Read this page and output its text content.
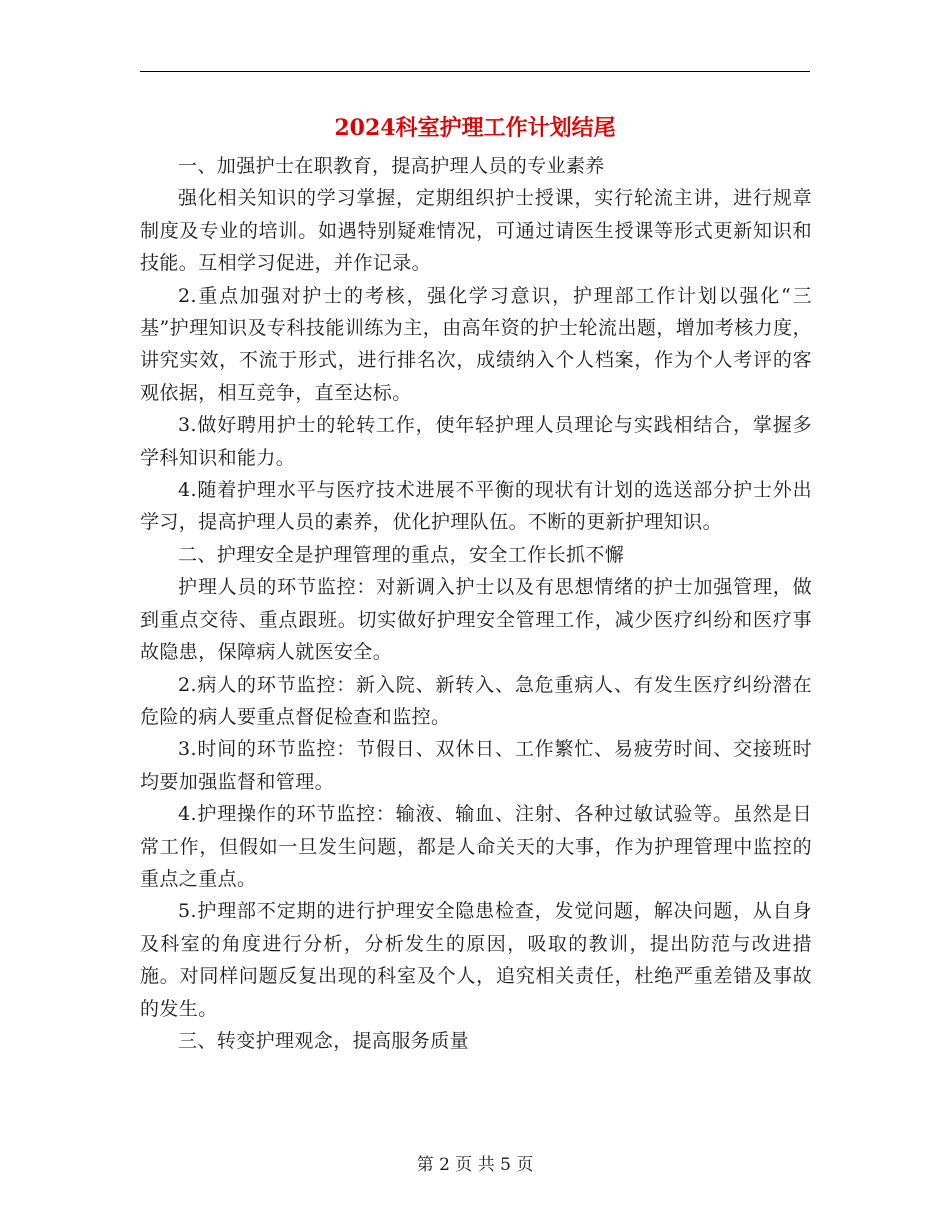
2024科室护理工作计划结尾

一、加强护士在职教育，提高护理人员的专业素养

强化相关知识的学习掌握，定期组织护士授课，实行轮流主讲，进行规章制度及专业的培训。如遇特别疑难情况，可通过请医生授课等形式更新知识和技能。互相学习促进，并作记录。

2.重点加强对护士的考核，强化学习意识，护理部工作计划以强化“三基”护理知识及专科技能训练为主，由高年资的护士轮流出题，增加考核力度，讲究实效，不流于形式，进行排名次，成绩纳入个人档案，作为个人考评的客观依据，相互竞争，直至达标。

3.做好聘用护士的轮转工作，使年轻护理人员理论与实践相结合，掌握多学科知识和能力。

4.随着护理水平与医疗技术进展不平衡的现状有计划的选送部分护士外出学习，提高护理人员的素养，优化护理队伍。不断的更新护理知识。

二、护理安全是护理管理的重点，安全工作长抓不懈

护理人员的环节监控：对新调入护士以及有思想情绪的护士加强管理，做到重点交待、重点跟班。切实做好护理安全管理工作，减少医疗纠纷和医疗事故隐患，保障病人就医安全。

2.病人的环节监控：新入院、新转入、急危重病人、有发生医疗纠纷潜在危险的病人要重点督促检查和监控。

3.时间的环节监控：节假日、双休日、工作繁忙、易疲劳时间、交接班时均要加强监督和管理。

4.护理操作的环节监控：输液、输血、注射、各种过敏试验等。虽然是日常工作，但假如一旦发生问题，都是人命关天的大事，作为护理管理中监控的重点之重点。

5.护理部不定期的进行护理安全隐患检查，发觉问题，解决问题，从自身及科室的角度进行分析，分析发生的原因，吸取的教训，提出防范与改进措施。对同样问题反复出现的科室及个人，追究相关责任，杜绝严重差错及事故的发生。

三、转变护理观念，提高服务质量

第 2 页 共 5 页
